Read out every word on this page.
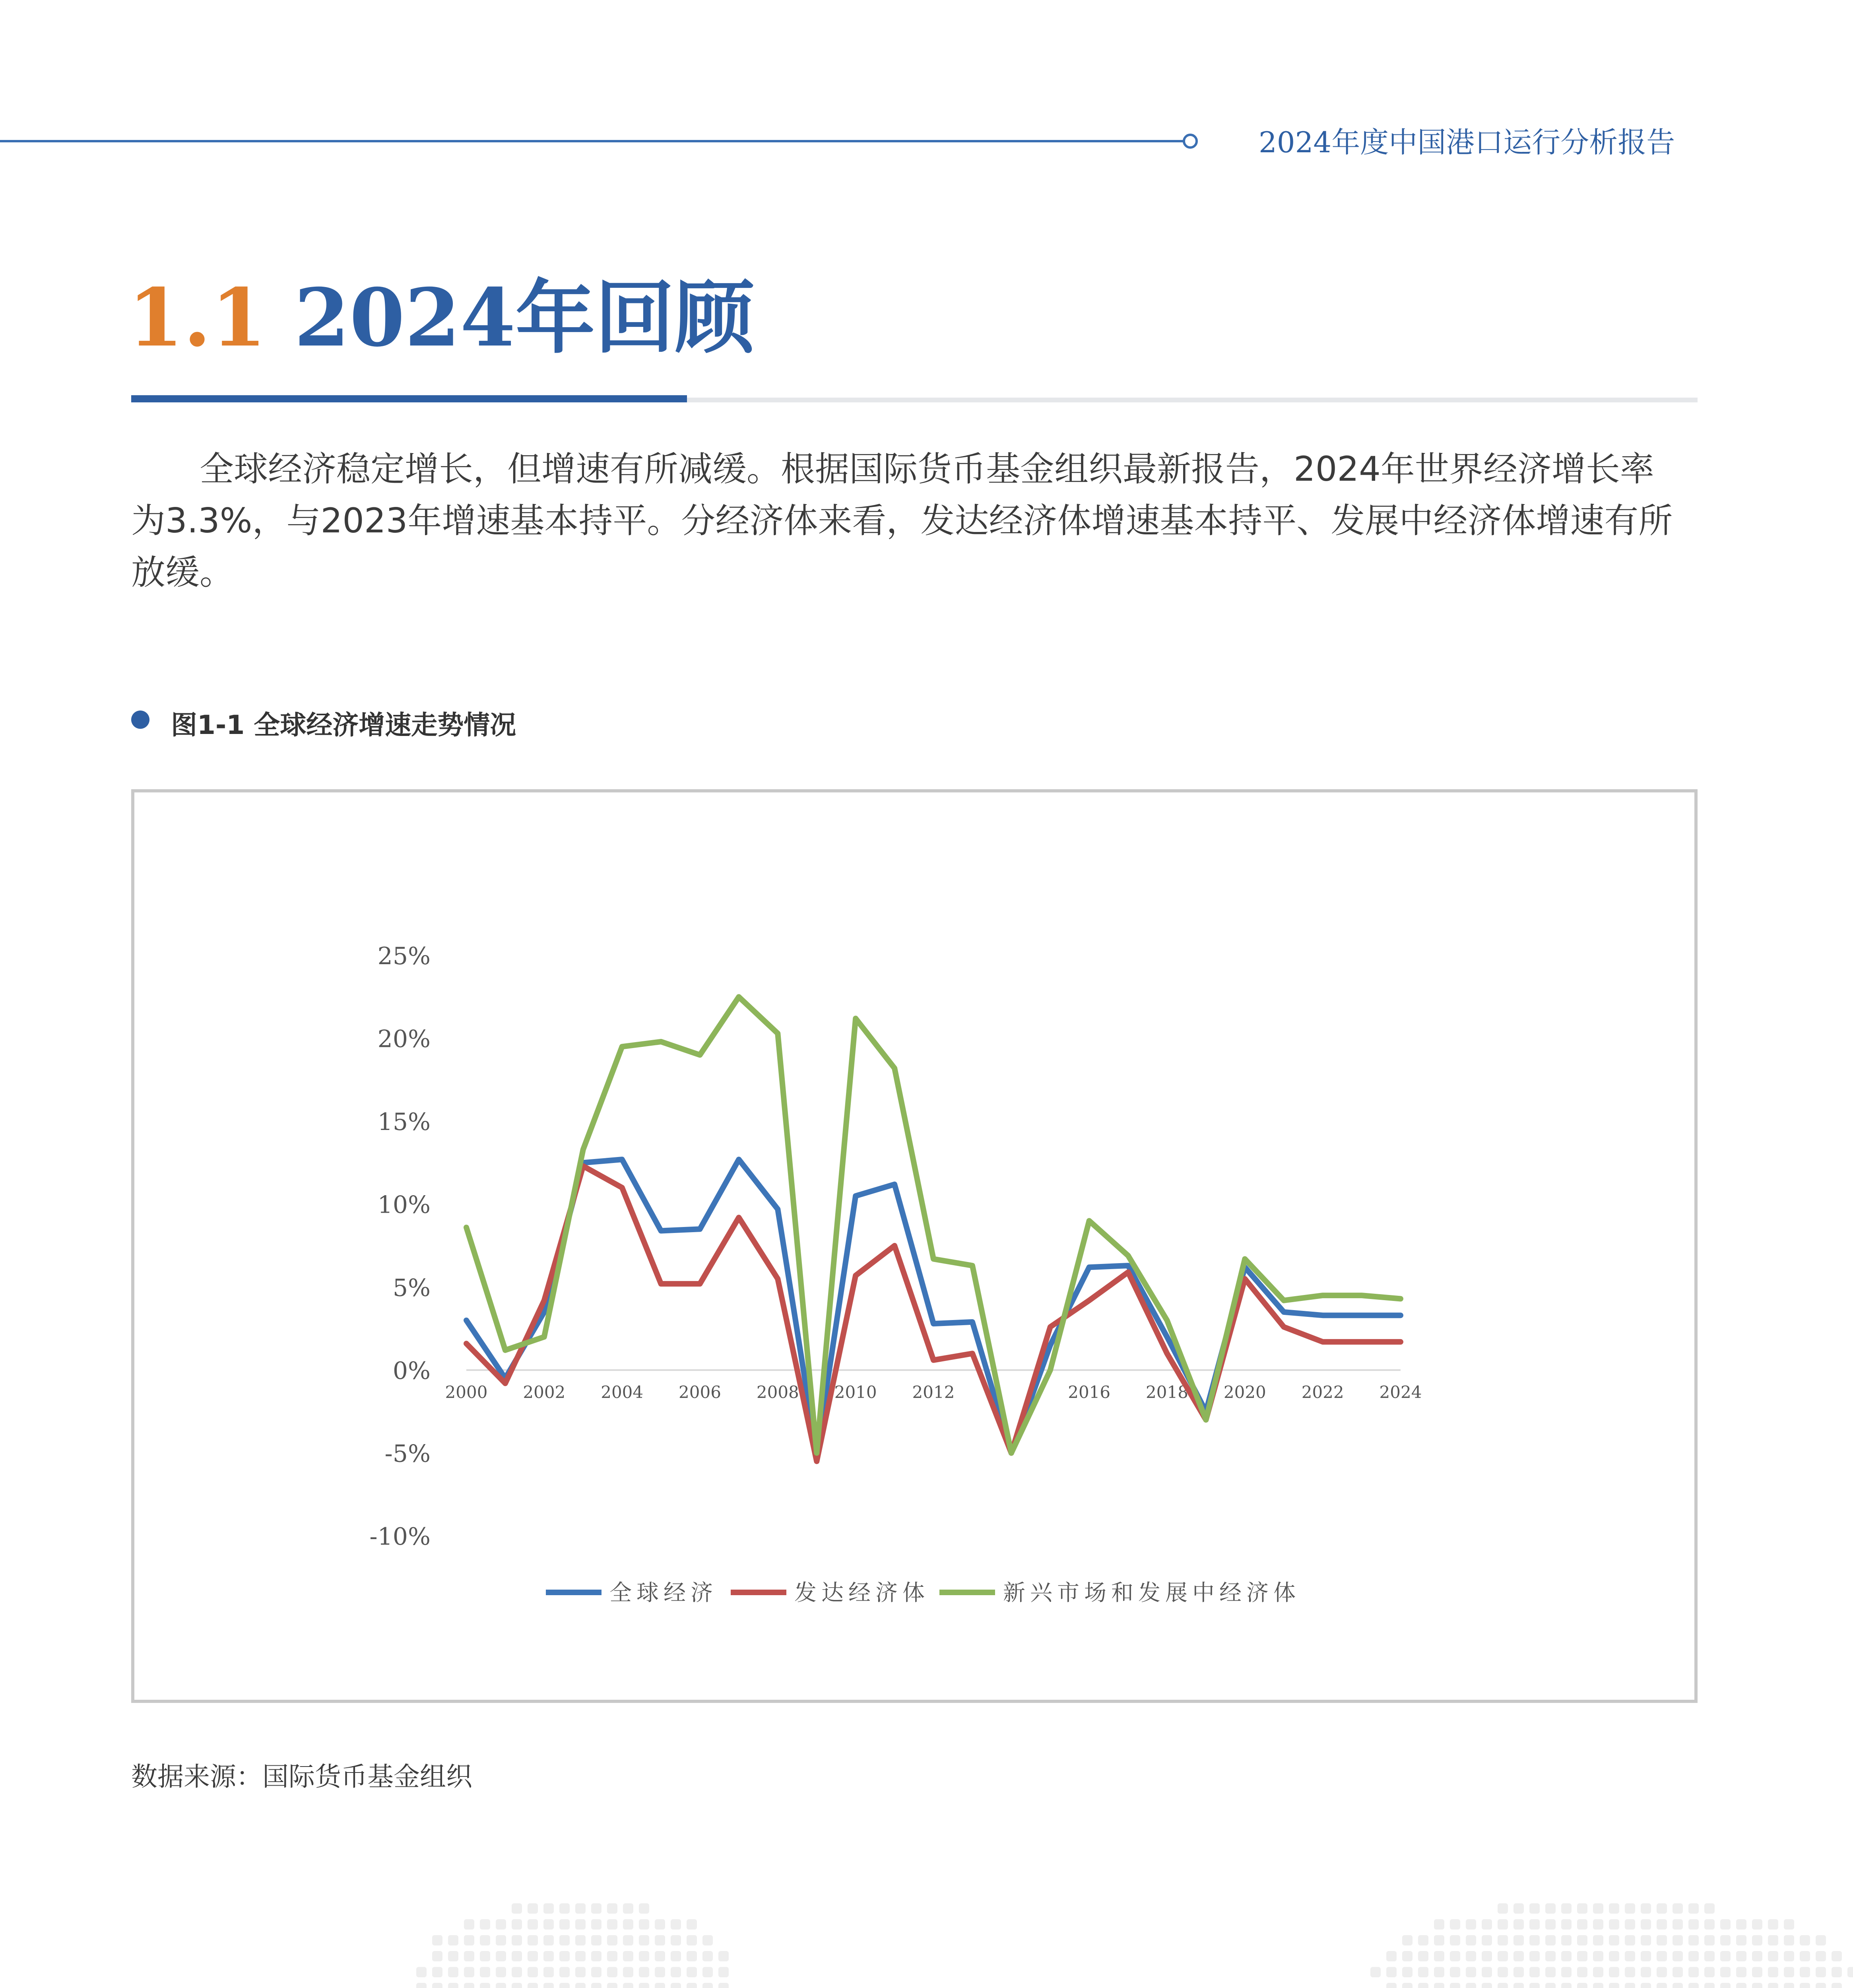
2024年度中国港口运行分析报告
1.1 2024年回顾
全球经济稳定增长，但增速有所减缓。根据国际货币基金组织最新报告，2024年世界经济增长率
为3.3%，与2023年增速基本持平。分经济体来看，发达经济体增速基本持平、发展中经济体增速有所
放缓。
图1-1 全球经济增速走势情况
25%
20%
15%
10%
5%
0%
-5%
-10%
2000 2002 2004 2006 2008 2010 2012	2016 2018 2020 2022 2024
全球经济	发达经济体	新兴市场和发展中经济体
数据来源：国际货币基金组织
